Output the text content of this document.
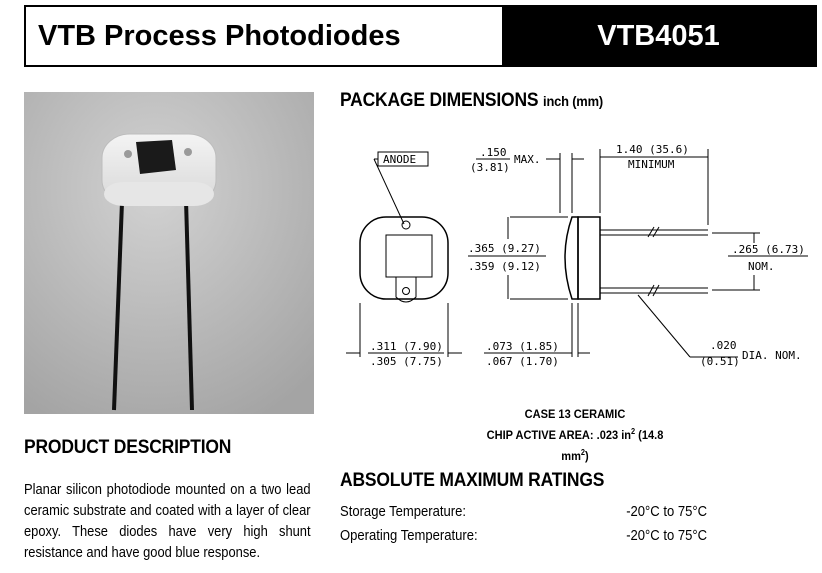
VTB Process Photodiodes	VTB4051
PACKAGE DIMENSIONS inch (mm)
ANODE
.150
(3.81)
MAX.
1.40 (35.6)
MINIMUM
.365 (9.27)
.359 (9.12)
.265 (6.73)
NOM.
.311 (7.90)
.305 (7.75)
.073 (1.85)
.067 (1.70)
.020
(0.51) DIA. NOM.
CASE 13 CERAMIC
CHIP ACTIVE AREA: .023 $in^2$ (14.8 $mm^2$)
PRODUCT DESCRIPTION
Planar silicon photodiode mounted on a two lead ceramic substrate and coated with a layer of clear epoxy. These diodes have very high shunt resistance and have good blue response.
ABSOLUTE MAXIMUM RATINGS
Storage Temperature:	-20°C to 75°C
Operating Temperature:	-20°C to 75°C
